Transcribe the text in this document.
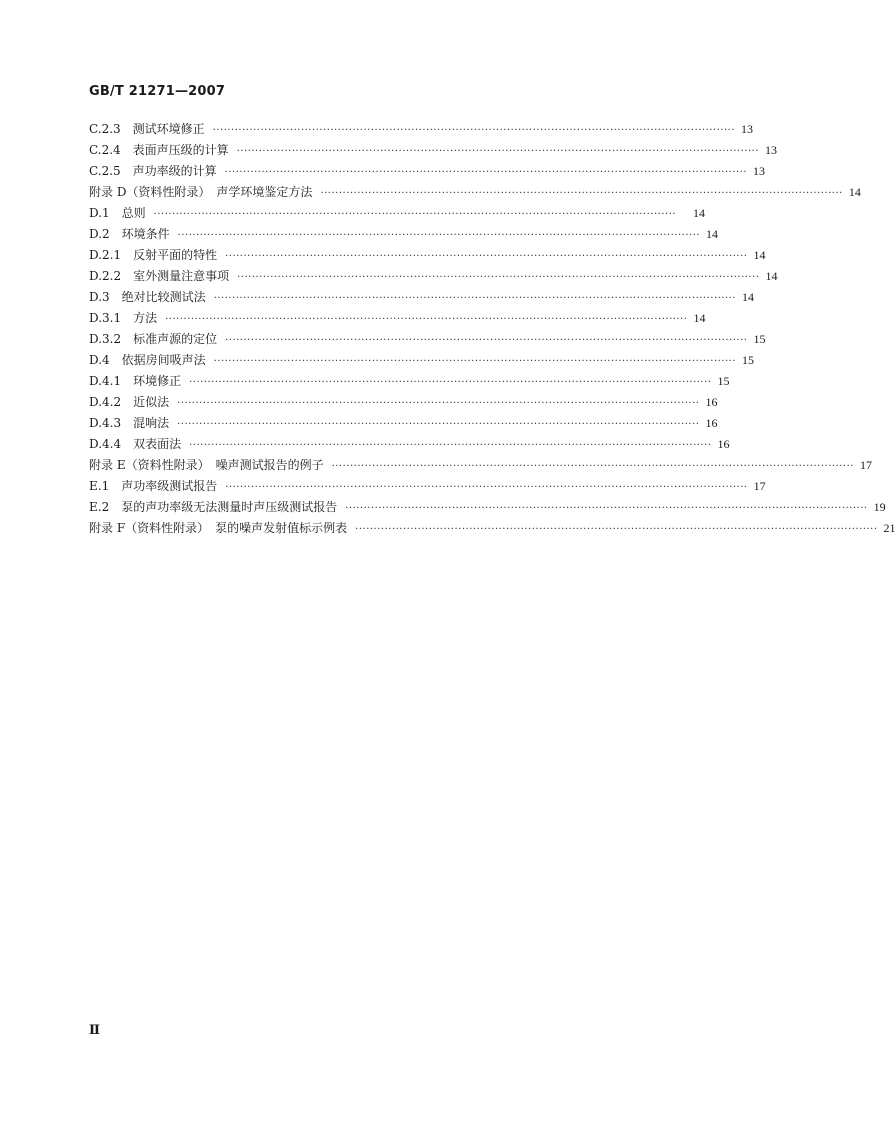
GB/T 21271—2007
C.2.3　测试环境修正 ·············································································································································· 13
C.2.4　表面声压级的计算 ·············································································································································· 13
C.2.5　声功率级的计算 ·············································································································································· 13
附录 D（资料性附录）　声学环境鉴定方法 ·············································································································································· 14
D.1　总则 ··············································································································································	14
D.2　环境条件 ·············································································································································· 14
D.2.1　反射平面的特性 ·············································································································································· 14
D.2.2　室外测量注意事项 ·············································································································································· 14
D.3　绝对比较测试法 ·············································································································································· 14
D.3.1　方法 ·············································································································································· 14
D.3.2　标准声源的定位 ·············································································································································· 15
D.4　依据房间吸声法 ·············································································································································· 15
D.4.1　环境修正 ·············································································································································· 15
D.4.2　近似法 ·············································································································································· 16
D.4.3　混响法 ·············································································································································· 16
D.4.4　双表面法 ·············································································································································· 16
附录 E（资料性附录）　噪声测试报告的例子 ·············································································································································· 17
E.1　声功率级测试报告 ·············································································································································· 17
E.2　泵的声功率级无法测量时声压级测试报告 ·············································································································································· 19
附录 F（资料性附录）　泵的噪声发射值标示例表 ·············································································································································· 21
Ⅱ
